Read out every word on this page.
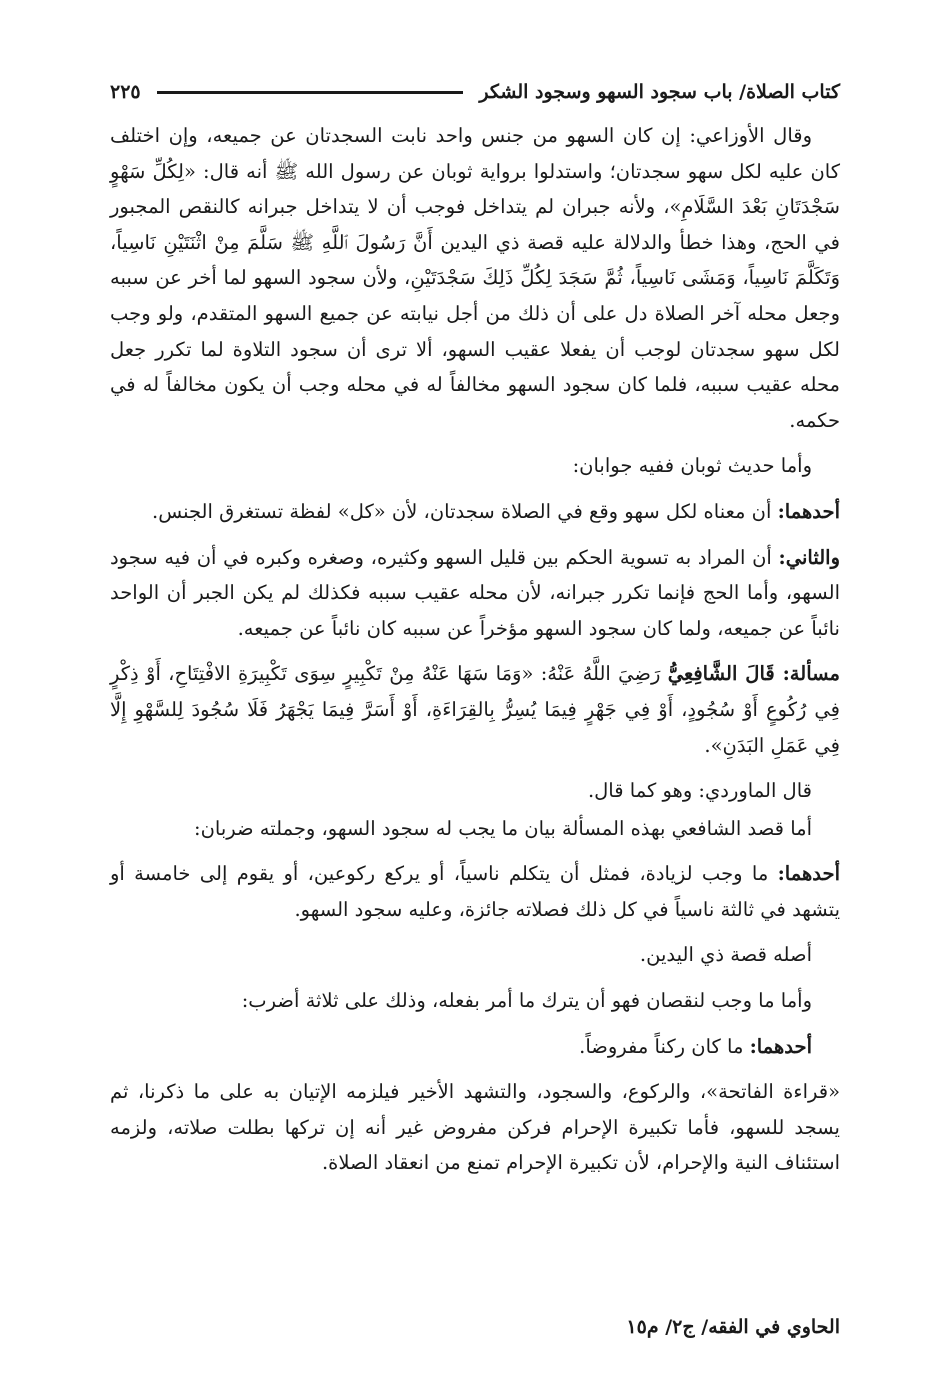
كتاب الصلاة/ باب سجود السهو وسجود الشكر
٢٢٥

وقال الأوزاعي: إن كان السهو من جنس واحد نابت السجدتان عن جميعه، وإن اختلف كان عليه لكل سهو سجدتان؛ واستدلوا برواية ثوبان عن رسول الله ﷺ أنه قال: «لِكُلِّ سَهْوٍ سَجْدَتَانِ بَعْدَ السَّلَامِ»، ولأنه جبران لم يتداخل فوجب أن لا يتداخل جبرانه كالنقص المجبور في الحج، وهذا خطأ والدلالة عليه قصة ذي اليدين أَنَّ رَسُولَ ٱللَّهِ ﷺ سَلَّمَ مِنْ اثْنَتَيْنِ نَاسِياً، وَتَكَلَّمَ نَاسِياً، وَمَشَى نَاسِياً، ثُمَّ سَجَدَ لِكُلِّ ذَلِكَ سَجْدَتَيْنِ، ولأن سجود السهو لما أخر عن سببه وجعل محله آخر الصلاة دل على أن ذلك من أجل نيابته عن جميع السهو المتقدم، ولو وجب لكل سهو سجدتان لوجب أن يفعلا عقيب السهو، ألا ترى أن سجود التلاوة لما تكرر جعل محله عقيب سببه، فلما كان سجود السهو مخالفاً له في محله وجب أن يكون مخالفاً له في حكمه.

وأما حديث ثوبان ففيه جوابان:

أحدهما: أن معناه لكل سهو وقع في الصلاة سجدتان، لأن «كل» لفظة تستغرق الجنس.

والثاني: أن المراد به تسوية الحكم بين قليل السهو وكثيره، وصغره وكبره في أن فيه سجود السهو، وأما الحج فإنما تكرر جبرانه، لأن محله عقيب سببه فكذلك لم يكن الجبر أن الواحد نائباً عن جميعه، ولما كان سجود السهو مؤخراً عن سببه كان نائباً عن جميعه.

مسألة: قَالَ الشَّافِعِيُّ رَضِيَ اللَّهُ عَنْهُ: «وَمَا سَهَا عَنْهُ مِنْ تَكْبِيرٍ سِوَى تَكْبِيرَةِ الافْتِتَاحِ، أَوْ ذِكْرٍ فِي رُكُوعٍ أَوْ سُجُودٍ، أَوْ فِي جَهْرٍ فِيمَا يُسِرُّ بِالقِرَاءَةِ، أَوْ أَسَرَّ فِيمَا يَجْهَرُ فَلَا سُجُودَ لِلسَّهْوِ إِلَّا فِي عَمَلِ البَدَنِ».

قال الماوردي: وهو كما قال.

أما قصد الشافعي بهذه المسألة بيان ما يجب له سجود السهو، وجملته ضربان:

أحدهما: ما وجب لزيادة، فمثل أن يتكلم ناسياً، أو يركع ركوعين، أو يقوم إلى خامسة أو يتشهد في ثالثة ناسياً في كل ذلك فصلاته جائزة، وعليه سجود السهو.

أصله قصة ذي اليدين.

وأما ما وجب لنقصان فهو أن يترك ما أمر بفعله، وذلك على ثلاثة أضرب:

أحدهما: ما كان ركناً مفروضاً.

«قراءة الفاتحة»، والركوع، والسجود، والتشهد الأخير فيلزمه الإتيان به على ما ذكرنا، ثم يسجد للسهو، فأما تكبيرة الإحرام فركن مفروض غير أنه إن تركها بطلت صلاته، ولزمه استئناف النية والإحرام، لأن تكبيرة الإحرام تمنع من انعقاد الصلاة.

الحاوي في الفقه/ ج٢/ م١٥
